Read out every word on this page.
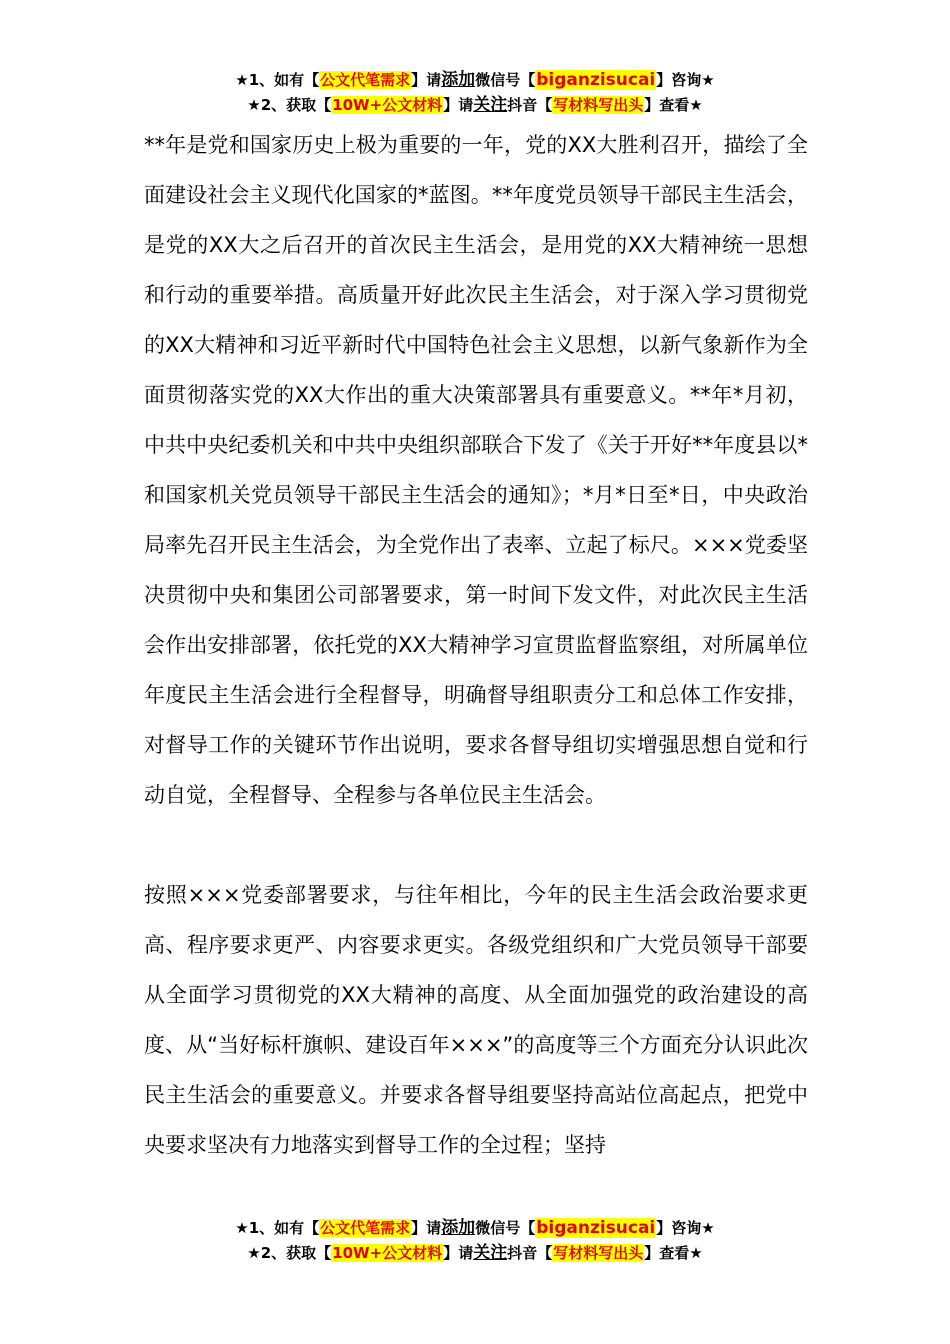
★1、如有【公文代笔需求】请添加微信号【biganzisucai】咨询★
★2、获取【10W+公文材料】请关注抖音【写材料写出头】查看★

**年是党和国家历史上极为重要的一年，党的XX大胜利召开，描绘了全面建设社会主义现代化国家的*蓝图。**年度党员领导干部民主生活会，是党的XX大之后召开的首次民主生活会，是用党的XX大精神统一思想和行动的重要举措。高质量开好此次民主生活会，对于深入学习贯彻党的XX大精神和习近平新时代中国特色社会主义思想，以新气象新作为全面贯彻落实党的XX大作出的重大决策部署具有重要意义。**年*月初，中共中央纪委机关和中共中央组织部联合下发了《关于开好**年度县以*和国家机关党员领导干部民主生活会的通知》；*月*日至*日，中央政治局率先召开民主生活会，为全党作出了表率、立起了标尺。×××党委坚决贯彻中央和集团公司部署要求，第一时间下发文件，对此次民主生活会作出安排部署，依托党的XX大精神学习宣贯监督监察组，对所属单位年度民主生活会进行全程督导，明确督导组职责分工和总体工作安排，对督导工作的关键环节作出说明，要求各督导组切实增强思想自觉和行动自觉，全程督导、全程参与各单位民主生活会。

按照×××党委部署要求，与往年相比，今年的民主生活会政治要求更高、程序要求更严、内容要求更实。各级党组织和广大党员领导干部要从全面学习贯彻党的XX大精神的高度、从全面加强党的政治建设的高度、从“当好标杆旗帜、建设百年×××”的高度等三个方面充分认识此次民主生活会的重要意义。并要求各督导组要坚持高站位高起点，把党中央要求坚决有力地落实到督导工作的全过程；坚持

★1、如有【公文代笔需求】请添加微信号【biganzisucai】咨询★
★2、获取【10W+公文材料】请关注抖音【写材料写出头】查看★
